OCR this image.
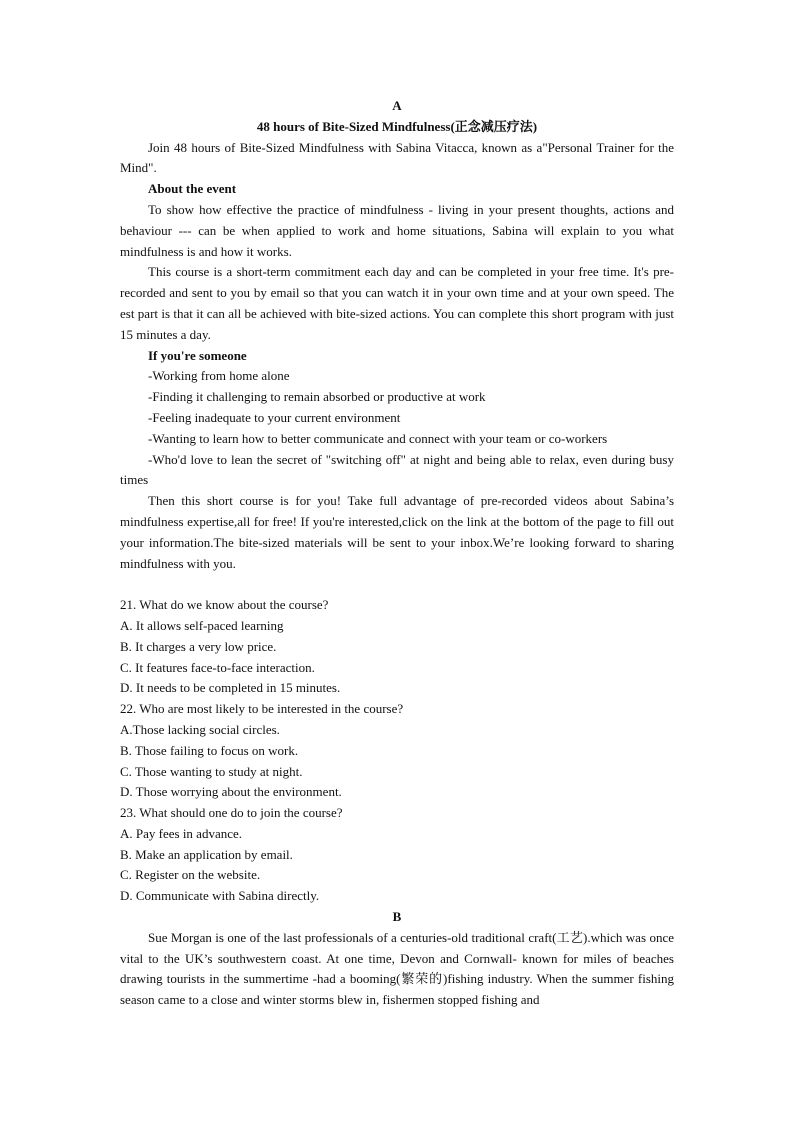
A

48 hours of Bite-Sized Mindfulness(正念减压疗法)

Join 48 hours of Bite-Sized Mindfulness with Sabina Vitacca, known as a"Personal Trainer for the Mind".

About the event

To show how effective the practice of mindfulness - living in your present thoughts, actions and behaviour --- can be when applied to work and home situations, Sabina will explain to you what mindfulness is and how it works.

This course is a short-term commitment each day and can be completed in your free time. It's pre- recorded and sent to you by email so that you can watch it in your own time and at your own speed. The est part is that it can all be achieved with bite-sized actions. You can complete this short program with just 15 minutes a day.

If you're someone

-Working from home alone

-Finding it challenging to remain absorbed or productive at work

-Feeling inadequate to your current environment

-Wanting to learn how to better communicate and connect with your team or co-workers

-Who'd love to lean the secret of "switching off" at night and being able to relax, even during busy times

Then this short course is for you! Take full advantage of pre-recorded videos about Sabina’s mindfulness expertise,all for free! If you're interested,click on the link at the bottom of the page to fill out your information.The bite-sized materials will be sent to your inbox.We’re looking forward to sharing mindfulness with you.

21. What do we know about the course?

A. It allows self-paced learning

B. It charges a very low price.

C. It features face-to-face interaction.

D. It needs to be completed in 15 minutes.

22. Who are most likely to be interested in the course?

A.Those lacking social circles.

B. Those failing to focus on work.

C. Those wanting to study at night.

D. Those worrying about the environment.

23. What should one do to join the course?

A. Pay fees in advance.

B. Make an application by email.

C. Register on the website.

D. Communicate with Sabina directly.

B

Sue Morgan is one of the last professionals of a centuries-old traditional craft(工艺).which was once vital to the UK’s southwestern coast. At one time, Devon and Cornwall- known for miles of beaches drawing tourists in the summertime -had a booming(繁荣的)fishing industry. When the summer fishing season came to a close and winter storms blew in, fishermen stopped fishing and
